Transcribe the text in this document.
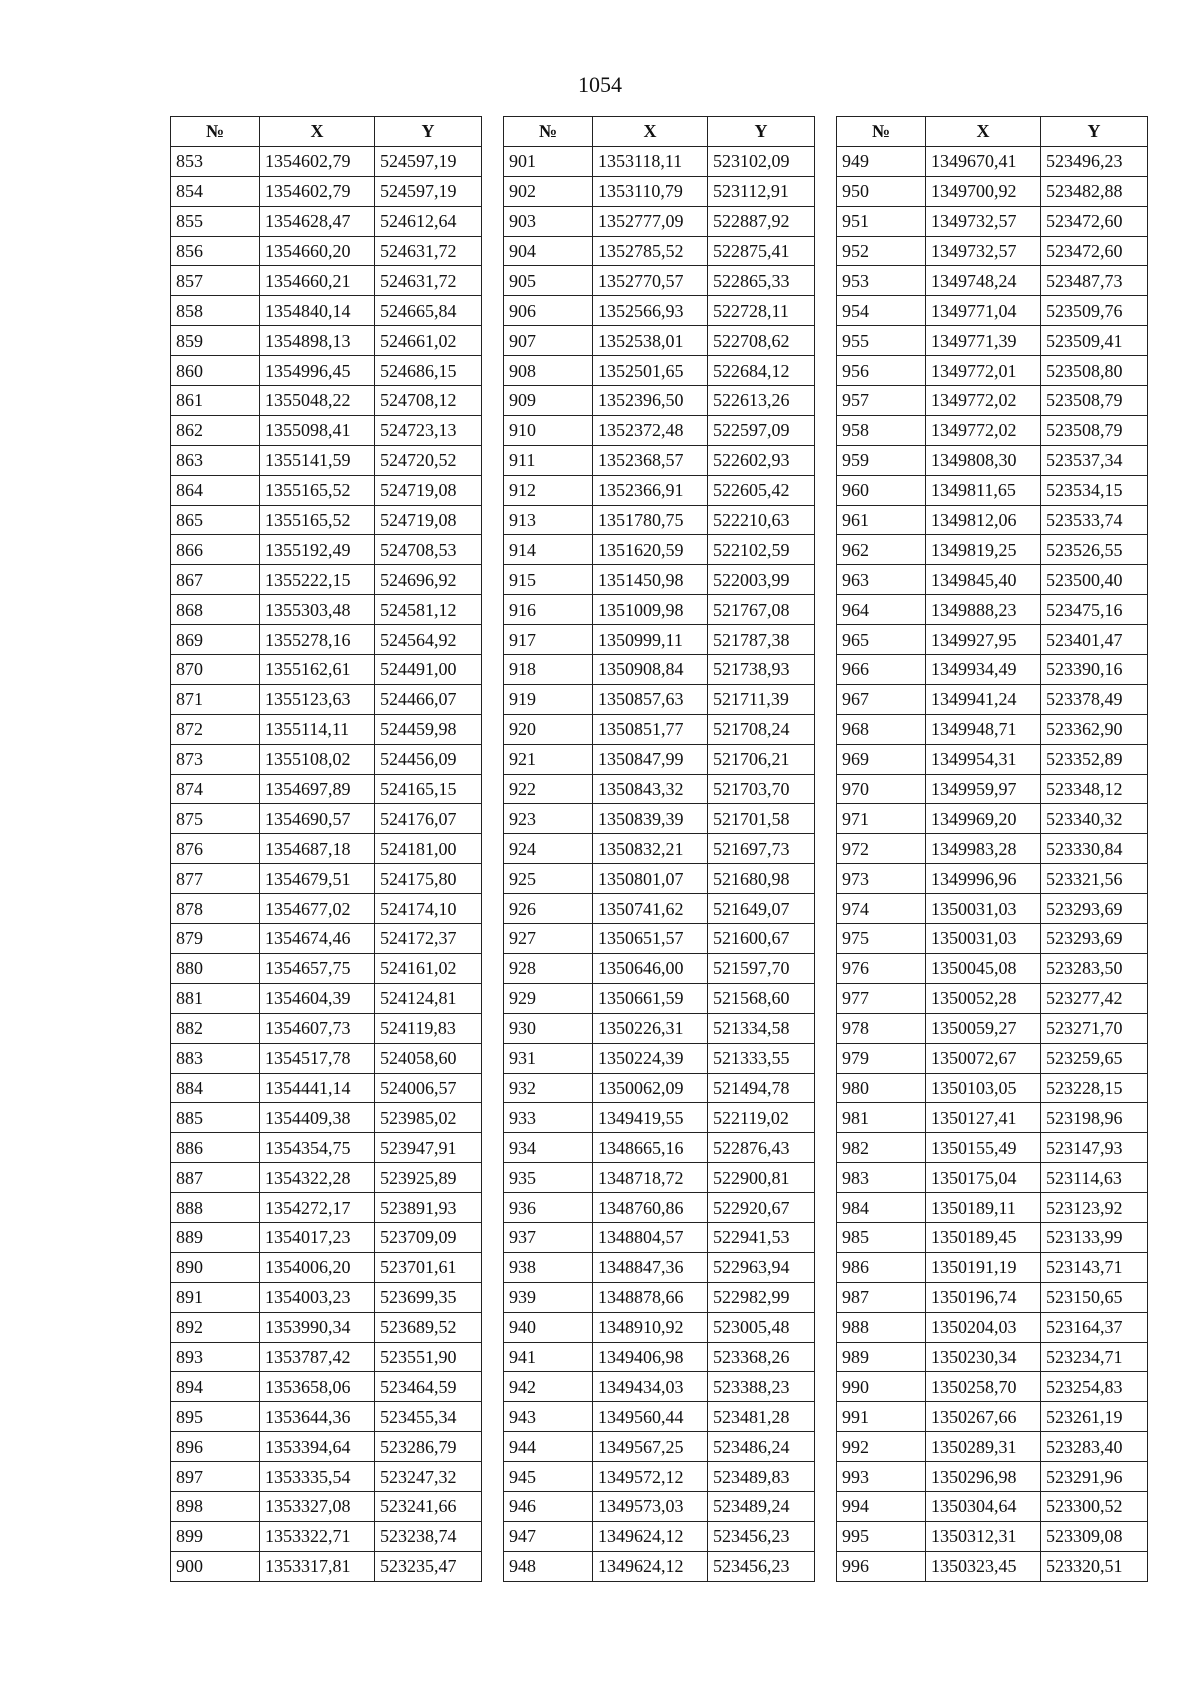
1054
№	X	Y
853	1354602,79	524597,19
854	1354602,79	524597,19
855	1354628,47	524612,64
856	1354660,20	524631,72
857	1354660,21	524631,72
858	1354840,14	524665,84
859	1354898,13	524661,02
860	1354996,45	524686,15
861	1355048,22	524708,12
862	1355098,41	524723,13
863	1355141,59	524720,52
864	1355165,52	524719,08
865	1355165,52	524719,08
866	1355192,49	524708,53
867	1355222,15	524696,92
868	1355303,48	524581,12
869	1355278,16	524564,92
870	1355162,61	524491,00
871	1355123,63	524466,07
872	1355114,11	524459,98
873	1355108,02	524456,09
874	1354697,89	524165,15
875	1354690,57	524176,07
876	1354687,18	524181,00
877	1354679,51	524175,80
878	1354677,02	524174,10
879	1354674,46	524172,37
880	1354657,75	524161,02
881	1354604,39	524124,81
882	1354607,73	524119,83
883	1354517,78	524058,60
884	1354441,14	524006,57
885	1354409,38	523985,02
886	1354354,75	523947,91
887	1354322,28	523925,89
888	1354272,17	523891,93
889	1354017,23	523709,09
890	1354006,20	523701,61
891	1354003,23	523699,35
892	1353990,34	523689,52
893	1353787,42	523551,90
894	1353658,06	523464,59
895	1353644,36	523455,34
896	1353394,64	523286,79
897	1353335,54	523247,32
898	1353327,08	523241,66
899	1353322,71	523238,74
900	1353317,81	523235,47
№	X	Y
901	1353118,11	523102,09
902	1353110,79	523112,91
903	1352777,09	522887,92
904	1352785,52	522875,41
905	1352770,57	522865,33
906	1352566,93	522728,11
907	1352538,01	522708,62
908	1352501,65	522684,12
909	1352396,50	522613,26
910	1352372,48	522597,09
911	1352368,57	522602,93
912	1352366,91	522605,42
913	1351780,75	522210,63
914	1351620,59	522102,59
915	1351450,98	522003,99
916	1351009,98	521767,08
917	1350999,11	521787,38
918	1350908,84	521738,93
919	1350857,63	521711,39
920	1350851,77	521708,24
921	1350847,99	521706,21
922	1350843,32	521703,70
923	1350839,39	521701,58
924	1350832,21	521697,73
925	1350801,07	521680,98
926	1350741,62	521649,07
927	1350651,57	521600,67
928	1350646,00	521597,70
929	1350661,59	521568,60
930	1350226,31	521334,58
931	1350224,39	521333,55
932	1350062,09	521494,78
933	1349419,55	522119,02
934	1348665,16	522876,43
935	1348718,72	522900,81
936	1348760,86	522920,67
937	1348804,57	522941,53
938	1348847,36	522963,94
939	1348878,66	522982,99
940	1348910,92	523005,48
941	1349406,98	523368,26
942	1349434,03	523388,23
943	1349560,44	523481,28
944	1349567,25	523486,24
945	1349572,12	523489,83
946	1349573,03	523489,24
947	1349624,12	523456,23
948	1349624,12	523456,23
№	X	Y
949	1349670,41	523496,23
950	1349700,92	523482,88
951	1349732,57	523472,60
952	1349732,57	523472,60
953	1349748,24	523487,73
954	1349771,04	523509,76
955	1349771,39	523509,41
956	1349772,01	523508,80
957	1349772,02	523508,79
958	1349772,02	523508,79
959	1349808,30	523537,34
960	1349811,65	523534,15
961	1349812,06	523533,74
962	1349819,25	523526,55
963	1349845,40	523500,40
964	1349888,23	523475,16
965	1349927,95	523401,47
966	1349934,49	523390,16
967	1349941,24	523378,49
968	1349948,71	523362,90
969	1349954,31	523352,89
970	1349959,97	523348,12
971	1349969,20	523340,32
972	1349983,28	523330,84
973	1349996,96	523321,56
974	1350031,03	523293,69
975	1350031,03	523293,69
976	1350045,08	523283,50
977	1350052,28	523277,42
978	1350059,27	523271,70
979	1350072,67	523259,65
980	1350103,05	523228,15
981	1350127,41	523198,96
982	1350155,49	523147,93
983	1350175,04	523114,63
984	1350189,11	523123,92
985	1350189,45	523133,99
986	1350191,19	523143,71
987	1350196,74	523150,65
988	1350204,03	523164,37
989	1350230,34	523234,71
990	1350258,70	523254,83
991	1350267,66	523261,19
992	1350289,31	523283,40
993	1350296,98	523291,96
994	1350304,64	523300,52
995	1350312,31	523309,08
996	1350323,45	523320,51
